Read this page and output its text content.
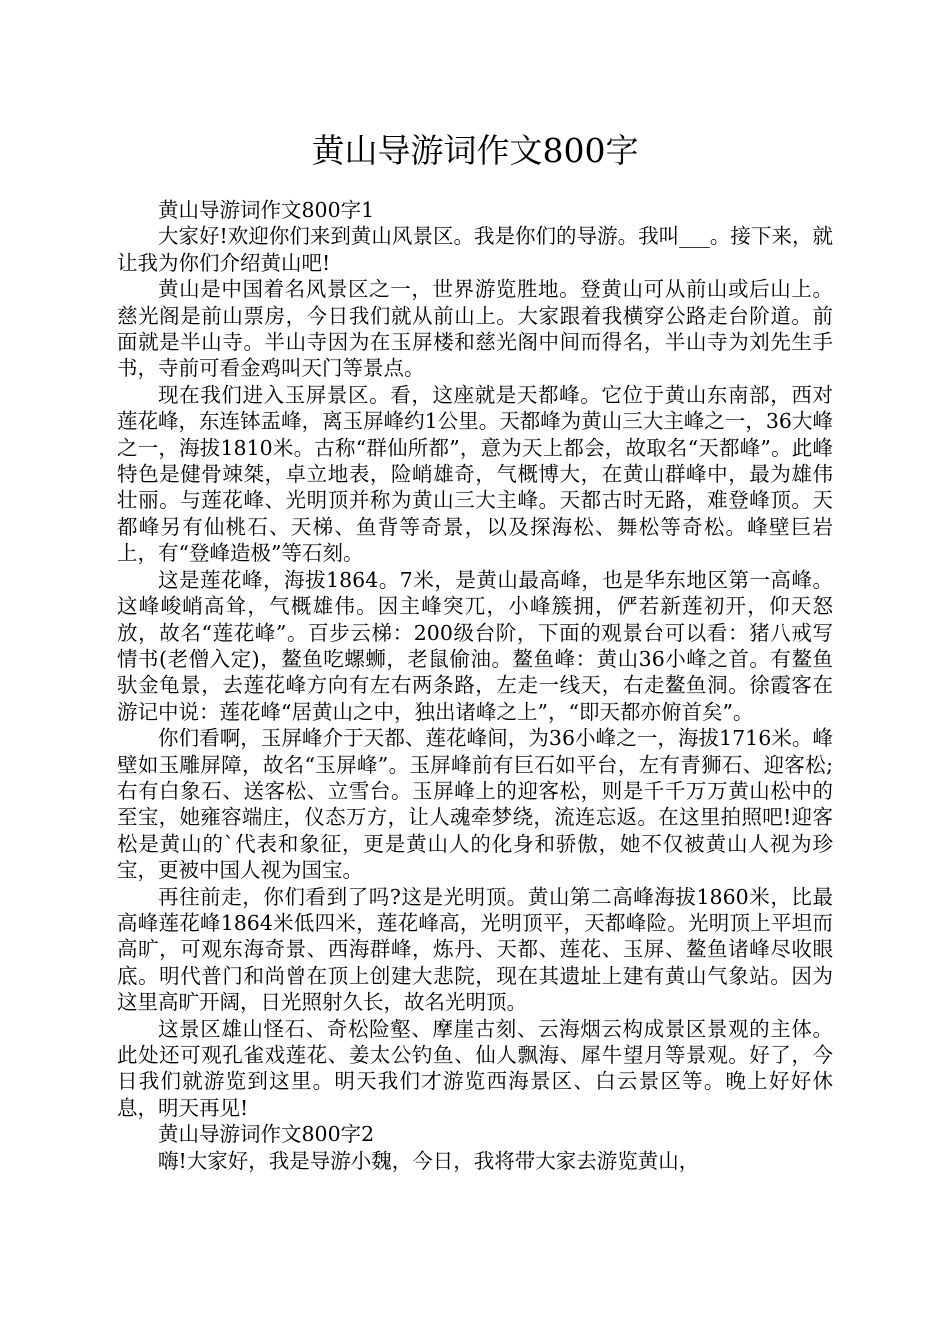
黄山导游词作文800字

黄山导游词作文800字1

大家好!欢迎你们来到黄山风景区。我是你们的导游。我叫___。接下来，就让我为你们介绍黄山吧!

黄山是中国着名风景区之一，世界游览胜地。登黄山可从前山或后山上。慈光阁是前山票房，今日我们就从前山上。大家跟着我横穿公路走台阶道。前面就是半山寺。半山寺因为在玉屏楼和慈光阁中间而得名，半山寺为刘先生手书，寺前可看金鸡叫天门等景点。

现在我们进入玉屏景区。看，这座就是天都峰。它位于黄山东南部，西对莲花峰，东连钵盂峰，离玉屏峰约1公里。天都峰为黄山三大主峰之一，36大峰之一，海拔1810米。古称“群仙所都”，意为天上都会，故取名“天都峰”。此峰特色是健骨竦桀，卓立地表，险峭雄奇，气概博大，在黄山群峰中，最为雄伟壮丽。与莲花峰、光明顶并称为黄山三大主峰。天都古时无路，难登峰顶。天都峰另有仙桃石、天梯、鱼背等奇景，以及探海松、舞松等奇松。峰壁巨岩上，有“登峰造极”等石刻。

这是莲花峰，海拔1864。7米，是黄山最高峰，也是华东地区第一高峰。这峰峻峭高耸，气概雄伟。因主峰突兀，小峰簇拥，俨若新莲初开，仰天怒放，故名“莲花峰”。百步云梯：200级台阶，下面的观景台可以看：猪八戒写情书(老僧入定)，鳌鱼吃螺蛳，老鼠偷油。鳌鱼峰：黄山36小峰之首。有鳌鱼驮金龟景，去莲花峰方向有左右两条路，左走一线天，右走鳌鱼洞。徐霞客在游记中说：莲花峰“居黄山之中，独出诸峰之上”，“即天都亦俯首矣”。

你们看啊，玉屏峰介于天都、莲花峰间，为36小峰之一，海拔1716米。峰壁如玉雕屏障，故名“玉屏峰”。玉屏峰前有巨石如平台，左有青狮石、迎客松;右有白象石、送客松、立雪台。玉屏峰上的迎客松，则是千千万万黄山松中的至宝，她雍容端庄，仪态万方，让人魂牵梦绕，流连忘返。在这里拍照吧!迎客松是黄山的`代表和象征，更是黄山人的化身和骄傲，她不仅被黄山人视为珍宝，更被中国人视为国宝。

再往前走，你们看到了吗?这是光明顶。黄山第二高峰海拔1860米，比最高峰莲花峰1864米低四米，莲花峰高，光明顶平，天都峰险。光明顶上平坦而高旷，可观东海奇景、西海群峰，炼丹、天都、莲花、玉屏、鳌鱼诸峰尽收眼底。明代普门和尚曾在顶上创建大悲院，现在其遗址上建有黄山气象站。因为这里高旷开阔，日光照射久长，故名光明顶。

这景区雄山怪石、奇松险壑、摩崖古刻、云海烟云构成景区景观的主体。此处还可观孔雀戏莲花、姜太公钓鱼、仙人飘海、犀牛望月等景观。好了，今日我们就游览到这里。明天我们才游览西海景区、白云景区等。晚上好好休息，明天再见!

黄山导游词作文800字2

嗨!大家好，我是导游小魏，今日，我将带大家去游览黄山，
